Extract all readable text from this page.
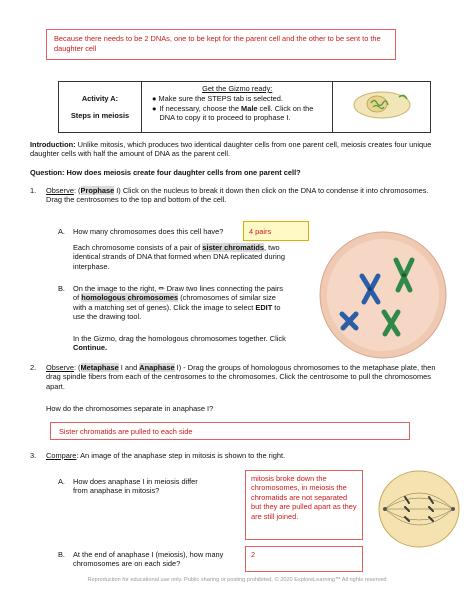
Because there needs to be 2 DNAs, one to be kept for the parent cell and the other to be sent to the daughter cell
Activity A:
Steps in meiosis

Get the Gizmo ready:
● Make sure the STEPS tab is selected.
● If necessary, choose the Male cell. Click on the DNA to copy it to proceed to prophase I.

Introduction: Unlike mitosis, which produces two identical daughter cells from one parent cell, meiosis creates four unique daughter cells with half the amount of DNA as the parent cell.
Question: How does meiosis create four daughter cells from one parent cell?
1. Observe: (Prophase I) Click on the nucleus to break it down then click on the DNA to condense it into chromosomes. Drag the centrosomes to the top and bottom of the cell.
A. How many chromosomes does this cell have?	4 pairs
Each chromosome consists of a pair of sister chromatids, two identical strands of DNA that formed when DNA replicated during interphase.
B. On the image to the right, ✏ Draw two lines connecting the pairs of homologous chromosomes (chromosomes of similar size with a matching set of genes). Click the image to select EDIT to use the drawing tool.
In the Gizmo, drag the homologous chromosomes together. Click Continue.
2. Observe: (Metaphase I and Anaphase I) - Drag the groups of homologous chromosomes to the metaphase plate, then drag spindle fibers from each of the centrosomes to the chromosomes. Click the centrosome to pull the chromosomes apart.
How do the chromosomes separate in anaphase I?
Sister chromatids are pulled to each side
3. Compare: An image of the anaphase step in mitosis is shown to the right.
A. How does anaphase I in meiosis differ from anaphase in mitosis?
mitosis broke down the chromosomes, in meiosis the chromatids are not separated but they are pulled apart as they are still joined.
B. At the end of anaphase I (meiosis), how many chromosomes are on each side?
2
Reproduction for educational use only. Public sharing or posting prohibited. © 2020 ExploreLearning™ All rights reserved
